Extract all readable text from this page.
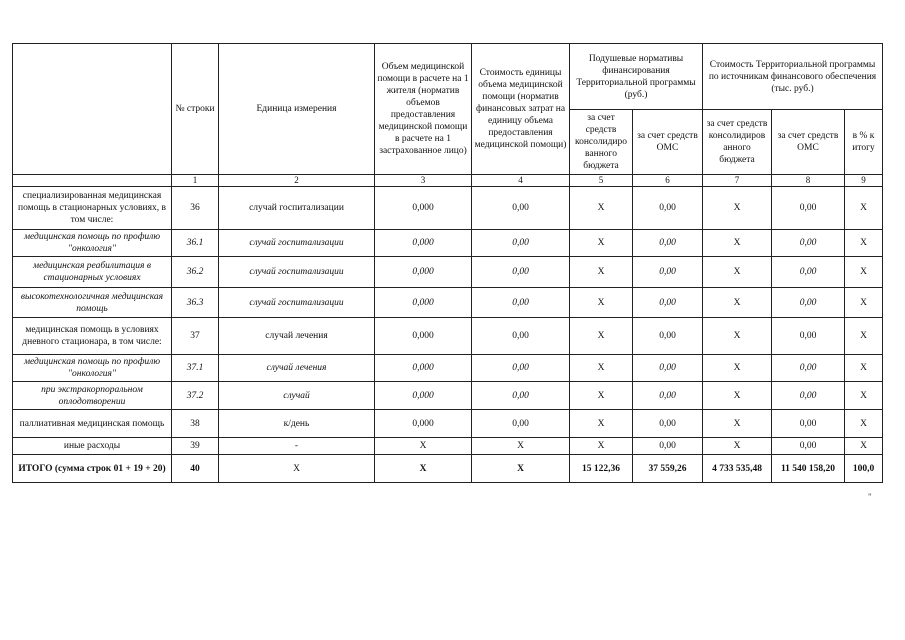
	№ строки	Единица измерения	Объем медицинской помощи в расчете на 1 жителя (норматив объемов предоставления медицинской помощи в расчете на 1 застрахованное лицо)	Стоимость единицы объема медицинской помощи (норматив финансовых затрат на единицу объема предоставления медицинской помощи)	Подушевые нормативы финансирования Территориальной программы (руб.)		Стоимость Территориальной программы по источникам финансового обеспечения (тыс. руб.)		
					за счет средств консолидиро ванного бюджета	за счет средств ОМС	за счет средств консолидиров анного бюджета	за счет средств ОМС	в % к итогу
	1	2	3	4	5	6	7	8	9
специализированная медицинская помощь в стационарных условиях, в том числе:	36	случай госпитализации	0,000	0,00	X	0,00	X	0,00	X
медицинская помощь по профилю "онкология"	36.1	случай госпитализации	0,000	0,00	X	0,00	X	0,00	X
медицинская реабилитация в стационарных условиях	36.2	случай госпитализации	0,000	0,00	X	0,00	X	0,00	X
высокотехнологичная медицинская помощь	36.3	случай госпитализации	0,000	0,00	X	0,00	X	0,00	X
медицинская помощь в условиях дневного стационара, в том числе:	37	случай лечения	0,000	0,00	X	0,00	X	0,00	X
медицинская помощь по профилю "онкология"	37.1	случай лечения	0,000	0,00	X	0,00	X	0,00	X
при экстракорпоральном оплодотворении	37.2	случай	0,000	0,00	X	0,00	X	0,00	X
паллиативная медицинская помощь	38	к/день	0,000	0,00	X	0,00	X	0,00	X
иные расходы	39	-	X	X	X	0,00	X	0,00	X
ИТОГО (сумма строк 01 + 19 + 20)	40	X	X	X	15 122,36	37 559,26	4 733 535,48	11 540 158,20	100,0
"
